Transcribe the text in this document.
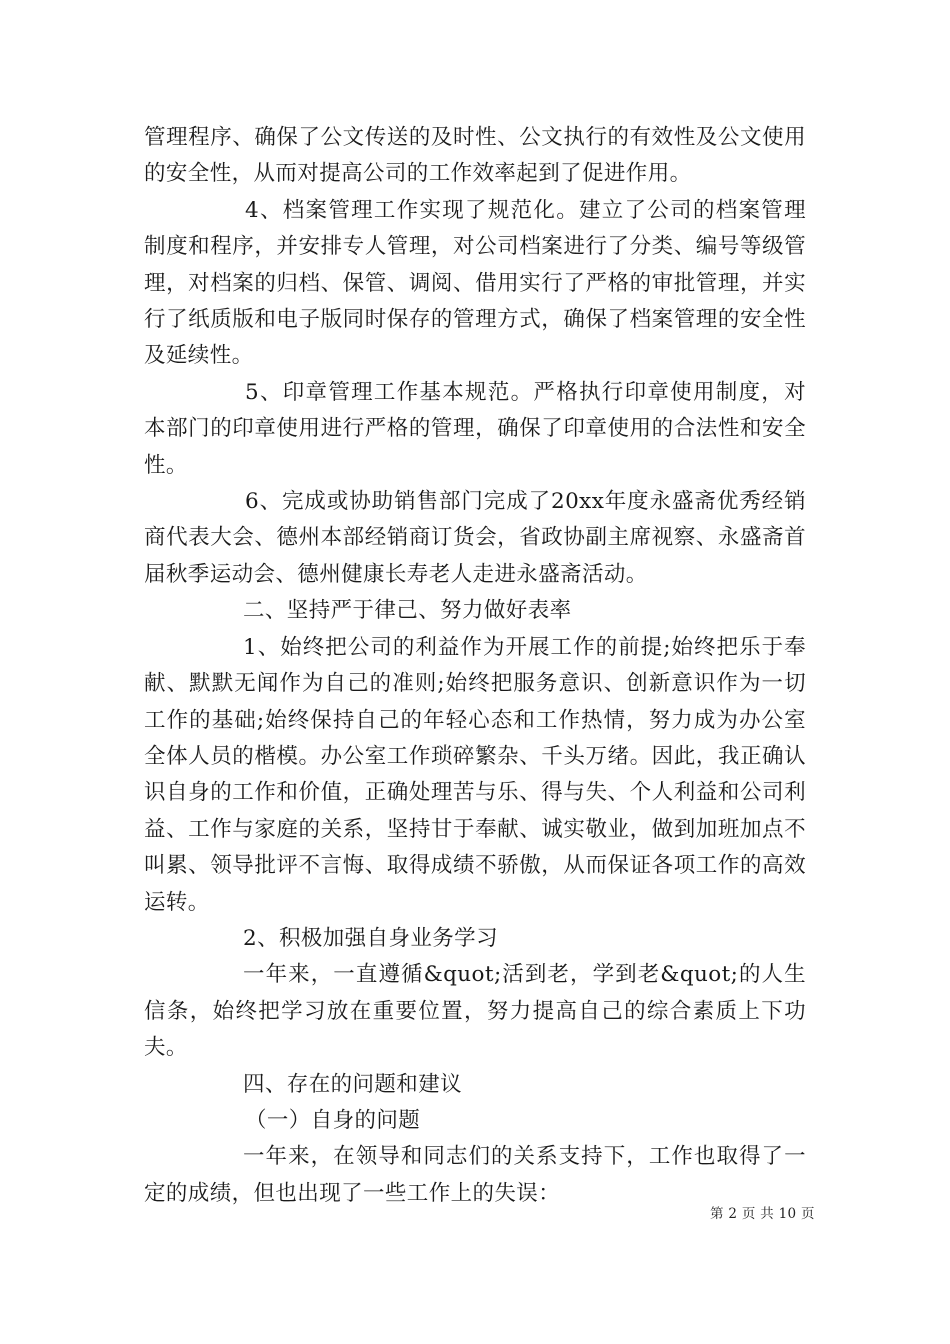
管理程序、确保了公文传送的及时性、公文执行的有效性及公文使用的安全性，从而对提高公司的工作效率起到了促进作用。

4、档案管理工作实现了规范化。建立了公司的档案管理制度和程序，并安排专人管理，对公司档案进行了分类、编号等级管理，对档案的归档、保管、调阅、借用实行了严格的审批管理，并实行了纸质版和电子版同时保存的管理方式，确保了档案管理的安全性及延续性。

5、印章管理工作基本规范。严格执行印章使用制度，对本部门的印章使用进行严格的管理，确保了印章使用的合法性和安全性。

6、完成或协助销售部门完成了20xx年度永盛斋优秀经销商代表大会、德州本部经销商订货会，省政协副主席视察、永盛斋首届秋季运动会、德州健康长寿老人走进永盛斋活动。

二、坚持严于律己、努力做好表率

1、始终把公司的利益作为开展工作的前提;始终把乐于奉献、默默无闻作为自己的准则;始终把服务意识、创新意识作为一切工作的基础;始终保持自己的年轻心态和工作热情，努力成为办公室全体人员的楷模。办公室工作琐碎繁杂、千头万绪。因此，我正确认识自身的工作和价值，正确处理苦与乐、得与失、个人利益和公司利益、工作与家庭的关系，坚持甘于奉献、诚实敬业，做到加班加点不叫累、领导批评不言悔、取得成绩不骄傲，从而保证各项工作的高效运转。

2、积极加强自身业务学习

一年来，一直遵循&quot;活到老，学到老&quot;的人生信条，始终把学习放在重要位置，努力提高自己的综合素质上下功夫。

四、存在的问题和建议

（一）自身的问题

一年来，在领导和同志们的关系支持下，工作也取得了一定的成绩，但也出现了一些工作上的失误：

第 2 页 共 10 页
